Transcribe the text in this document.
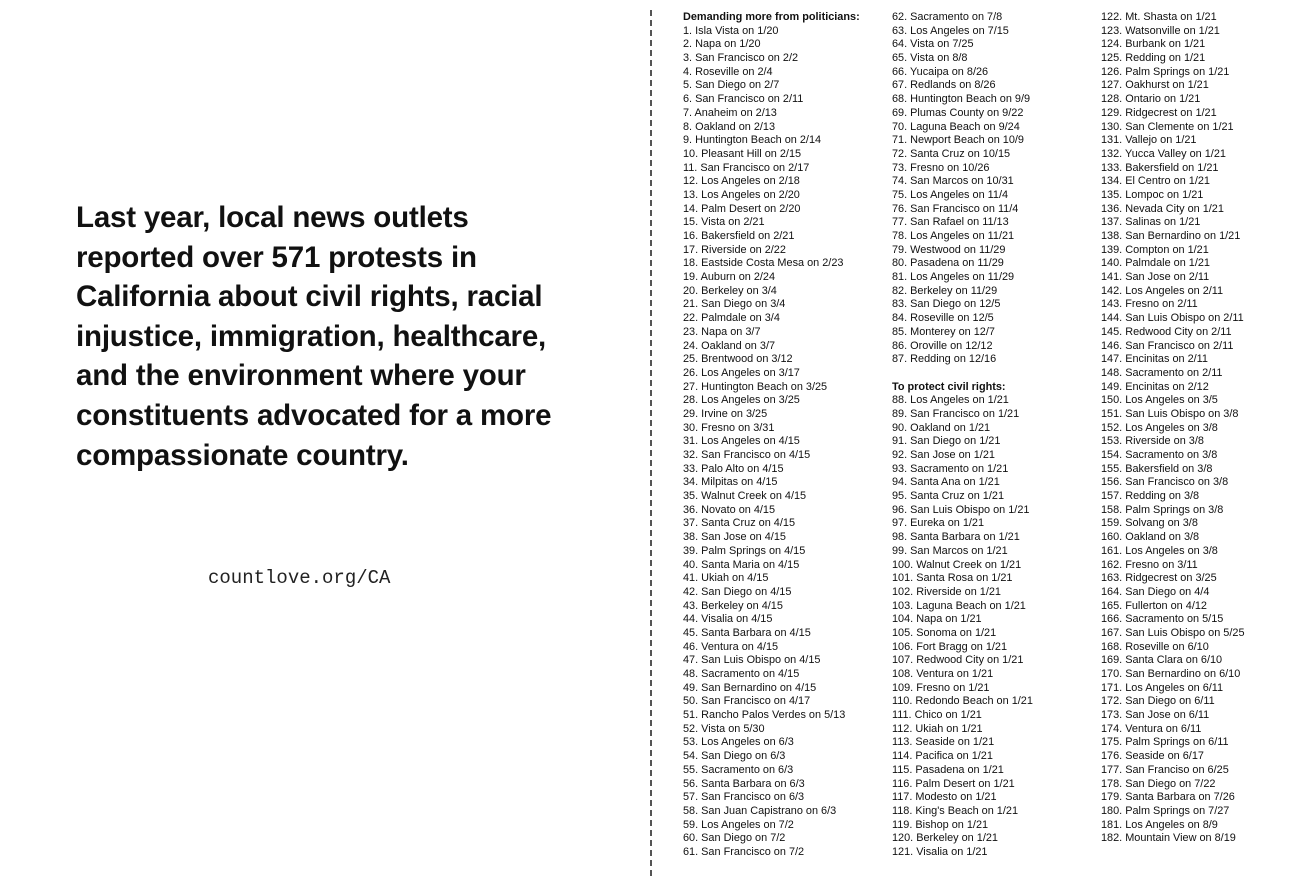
Last year, local news outlets reported over 571 protests in California about civil rights, racial injustice, immigration, healthcare, and the environment where your constituents advocated for a more compassionate country.
countlove.org/CA
Demanding more from politicians:
1. Isla Vista on 1/20
2. Napa on 1/20
3. San Francisco on 2/2
4. Roseville on 2/4
5. San Diego on 2/7
6. San Francisco on 2/11
7. Anaheim on 2/13
8. Oakland on 2/13
9. Huntington Beach on 2/14
10. Pleasant Hill on 2/15
11. San Francisco on 2/17
12. Los Angeles on 2/18
13. Los Angeles on 2/20
14. Palm Desert on 2/20
15. Vista on 2/21
16. Bakersfield on 2/21
17. Riverside on 2/22
18. Eastside Costa Mesa on 2/23
19. Auburn on 2/24
20. Berkeley on 3/4
21. San Diego on 3/4
22. Palmdale on 3/4
23. Napa on 3/7
24. Oakland on 3/7
25. Brentwood on 3/12
26. Los Angeles on 3/17
27. Huntington Beach on 3/25
28. Los Angeles on 3/25
29. Irvine on 3/25
30. Fresno on 3/31
31. Los Angeles on 4/15
32. San Francisco on 4/15
33. Palo Alto on 4/15
34. Milpitas on 4/15
35. Walnut Creek on 4/15
36. Novato on 4/15
37. Santa Cruz on 4/15
38. San Jose on 4/15
39. Palm Springs on 4/15
40. Santa Maria on 4/15
41. Ukiah on 4/15
42. San Diego on 4/15
43. Berkeley on 4/15
44. Visalia on 4/15
45. Santa Barbara on 4/15
46. Ventura on 4/15
47. San Luis Obispo on 4/15
48. Sacramento on 4/15
49. San Bernardino on 4/15
50. San Francisco on 4/17
51. Rancho Palos Verdes on 5/13
52. Vista on 5/30
53. Los Angeles on 6/3
54. San Diego on 6/3
55. Sacramento on 6/3
56. Santa Barbara on 6/3
57. San Francisco on 6/3
58. San Juan Capistrano on 6/3
59. Los Angeles on 7/2
60. San Diego on 7/2
61. San Francisco on 7/2
62. Sacramento on 7/8
63. Los Angeles on 7/15
64. Vista on 7/25
65. Vista on 8/8
66. Yucaipa on 8/26
67. Redlands on 8/26
68. Huntington Beach on 9/9
69. Plumas County on 9/22
70. Laguna Beach on 9/24
71. Newport Beach on 10/9
72. Santa Cruz on 10/15
73. Fresno on 10/26
74. San Marcos on 10/31
75. Los Angeles on 11/4
76. San Francisco on 11/4
77. San Rafael on 11/13
78. Los Angeles on 11/21
79. Westwood on 11/29
80. Pasadena on 11/29
81. Los Angeles on 11/29
82. Berkeley on 11/29
83. San Diego on 12/5
84. Roseville on 12/5
85. Monterey on 12/7
86. Oroville on 12/12
87. Redding on 12/16
To protect civil rights:
88. Los Angeles on 1/21
89. San Francisco on 1/21
90. Oakland on 1/21
91. San Diego on 1/21
92. San Jose on 1/21
93. Sacramento on 1/21
94. Santa Ana on 1/21
95. Santa Cruz on 1/21
96. San Luis Obispo on 1/21
97. Eureka on 1/21
98. Santa Barbara on 1/21
99. San Marcos on 1/21
100. Walnut Creek on 1/21
101. Santa Rosa on 1/21
102. Riverside on 1/21
103. Laguna Beach on 1/21
104. Napa on 1/21
105. Sonoma on 1/21
106. Fort Bragg on 1/21
107. Redwood City on 1/21
108. Ventura on 1/21
109. Fresno on 1/21
110. Redondo Beach on 1/21
111. Chico on 1/21
112. Ukiah on 1/21
113. Seaside on 1/21
114. Pacifica on 1/21
115. Pasadena on 1/21
116. Palm Desert on 1/21
117. Modesto on 1/21
118. King's Beach on 1/21
119. Bishop on 1/21
120. Berkeley on 1/21
121. Visalia on 1/21
122. Mt. Shasta on 1/21
123. Watsonville on 1/21
124. Burbank on 1/21
125. Redding on 1/21
126. Palm Springs on 1/21
127. Oakhurst on 1/21
128. Ontario on 1/21
129. Ridgecrest on 1/21
130. San Clemente on 1/21
131. Vallejo on 1/21
132. Yucca Valley on 1/21
133. Bakersfield on 1/21
134. El Centro on 1/21
135. Lompoc on 1/21
136. Nevada City on 1/21
137. Salinas on 1/21
138. San Bernardino on 1/21
139. Compton on 1/21
140. Palmdale on 1/21
141. San Jose on 2/11
142. Los Angeles on 2/11
143. Fresno on 2/11
144. San Luis Obispo on 2/11
145. Redwood City on 2/11
146. San Francisco on 2/11
147. Encinitas on 2/11
148. Sacramento on 2/11
149. Encinitas on 2/12
150. Los Angeles on 3/5
151. San Luis Obispo on 3/8
152. Los Angeles on 3/8
153. Riverside on 3/8
154. Sacramento on 3/8
155. Bakersfield on 3/8
156. San Francisco on 3/8
157. Redding on 3/8
158. Palm Springs on 3/8
159. Solvang on 3/8
160. Oakland on 3/8
161. Los Angeles on 3/8
162. Fresno on 3/11
163. Ridgecrest on 3/25
164. San Diego on 4/4
165. Fullerton on 4/12
166. Sacramento on 5/15
167. San Luis Obispo on 5/25
168. Roseville on 6/10
169. Santa Clara on 6/10
170. San Bernardino on 6/10
171. Los Angeles on 6/11
172. San Diego on 6/11
173. San Jose on 6/11
174. Ventura on 6/11
175. Palm Springs on 6/11
176. Seaside on 6/17
177. San Franciso on 6/25
178. San Diego on 7/22
179. Santa Barbara on 7/26
180. Palm Springs on 7/27
181. Los Angeles on 8/9
182. Mountain View on 8/19
